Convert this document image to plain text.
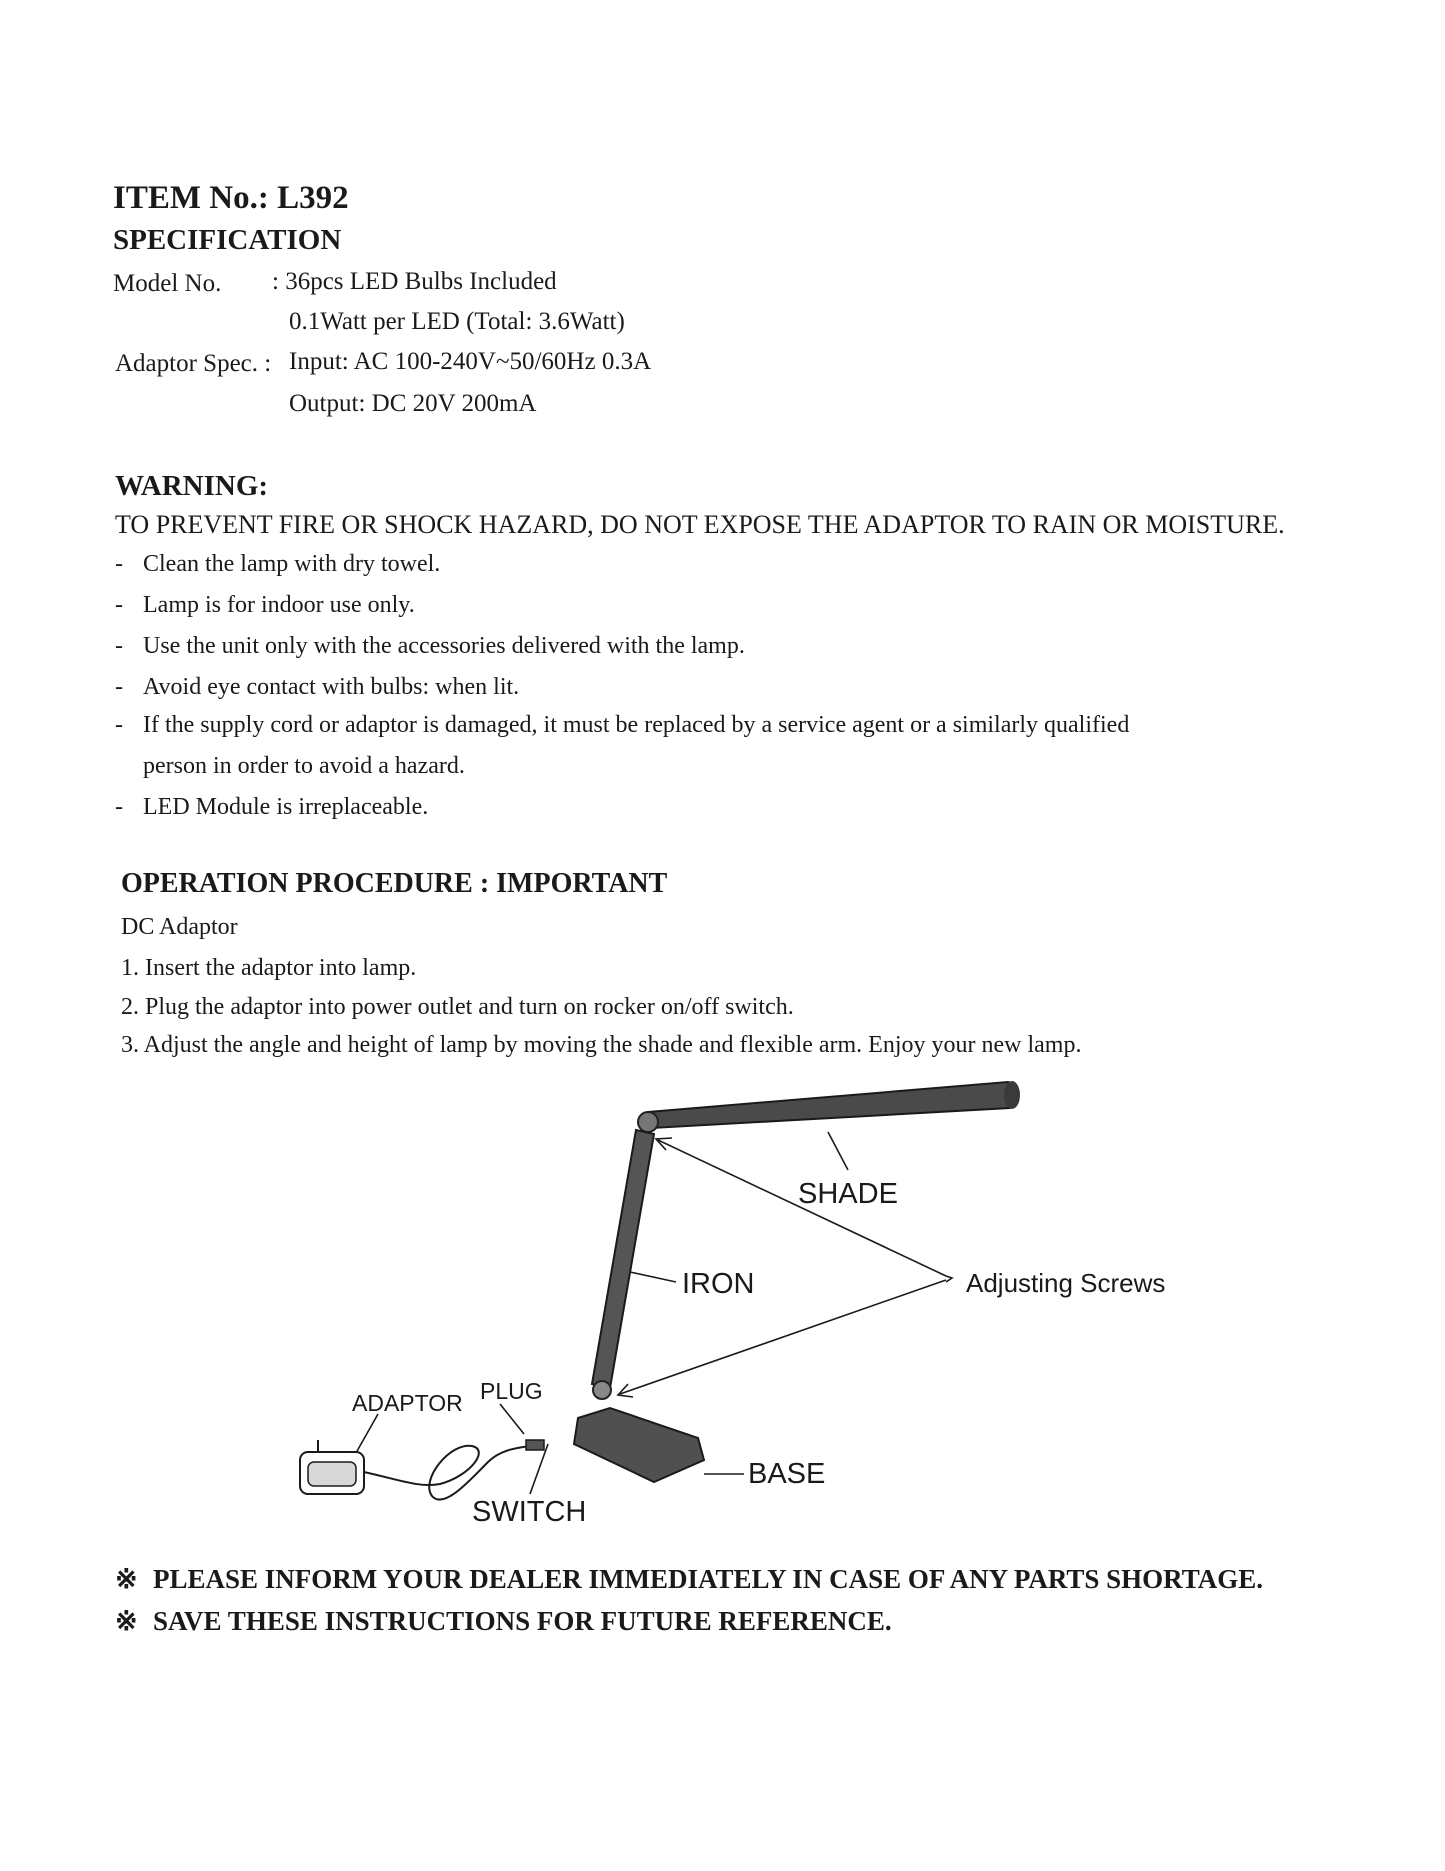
ITEM No.: L392
SPECIFICATION
Model No. : 36pcs LED Bulbs Included
0.1Watt per LED (Total: 3.6Watt)
Adaptor Spec. : Input: AC 100-240V~50/60Hz 0.3A
Output: DC 20V 200mA
WARNING:
TO PREVENT FIRE OR SHOCK HAZARD, DO NOT EXPOSE THE ADAPTOR TO RAIN OR MOISTURE.
- Clean the lamp with dry towel.
- Lamp is for indoor use only.
- Use the unit only with the accessories delivered with the lamp.
- Avoid eye contact with bulbs: when lit.
- If the supply cord or adaptor is damaged, it must be replaced by a service agent or a similarly qualified
person in order to avoid a hazard.
- LED Module is irreplaceable.
OPERATION PROCEDURE : IMPORTANT
DC Adaptor
1. Insert the adaptor into lamp.
2. Plug the adaptor into power outlet and turn on rocker on/off switch.
3. Adjust the angle and height of lamp by moving the shade and flexible arm. Enjoy your new lamp.
SHADE
IRON	Adjusting Screws
ADAPTOR PLUG
SWITCH
BASE
※ PLEASE INFORM YOUR DEALER IMMEDIATELY IN CASE OF ANY PARTS SHORTAGE.
※ SAVE THESE INSTRUCTIONS FOR FUTURE REFERENCE.
